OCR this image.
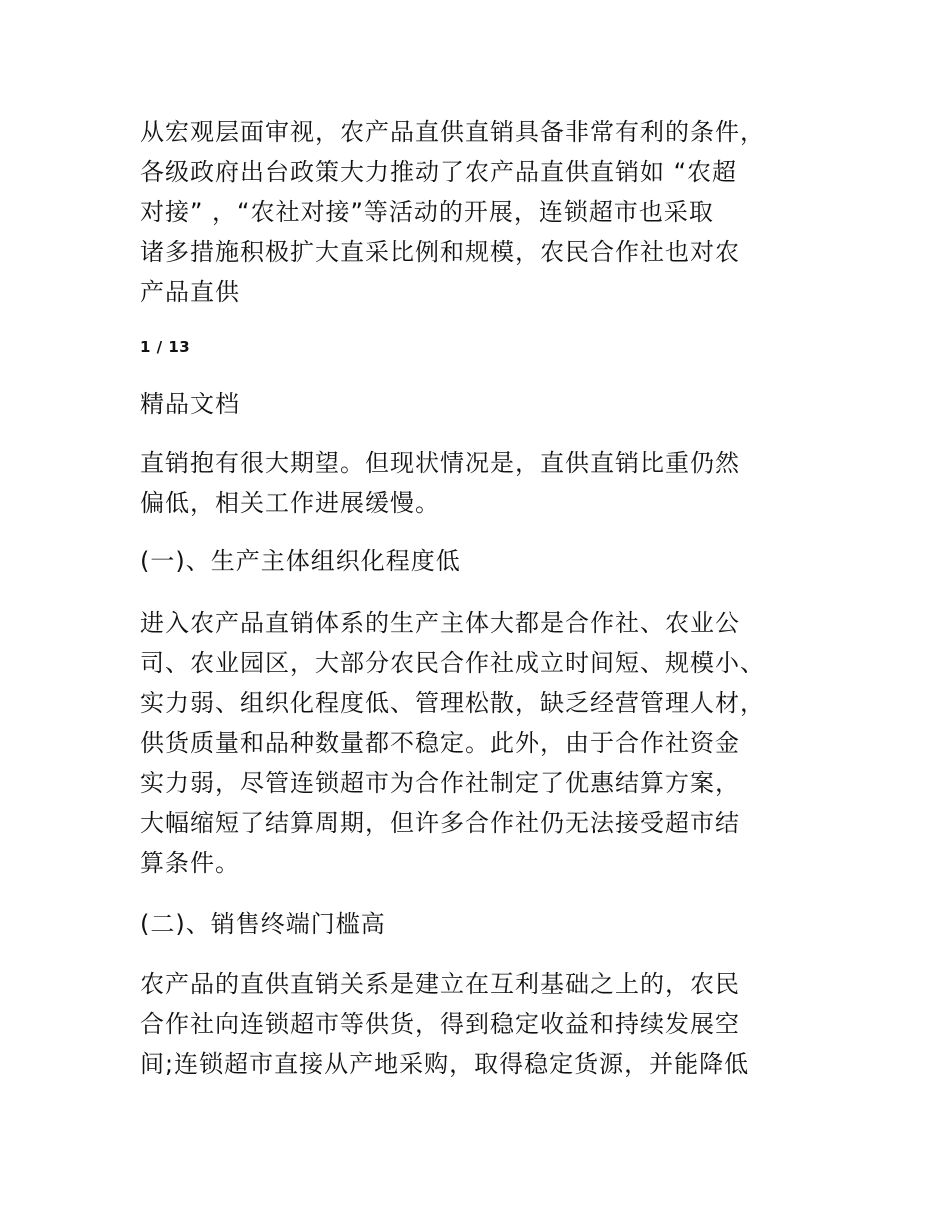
从宏观层面审视，农产品直供直销具备非常有利的条件，
各级政府出台政策大力推动了农产品直供直销如 “农超
对接” ，“农社对接”等活动的开展，连锁超市也采取
诸多措施积极扩大直采比例和规模，农民合作社也对农
产品直供
1 / 13
精品文档
直销抱有很大期望。但现状情况是，直供直销比重仍然
偏低，相关工作进展缓慢。
(一)、生产主体组织化程度低
进入农产品直销体系的生产主体大都是合作社、农业公
司、农业园区，大部分农民合作社成立时间短、规模小、
实力弱、组织化程度低、管理松散，缺乏经营管理人材，
供货质量和品种数量都不稳定。此外，由于合作社资金
实力弱，尽管连锁超市为合作社制定了优惠结算方案，
大幅缩短了结算周期，但许多合作社仍无法接受超市结
算条件。
(二)、销售终端门槛高
农产品的直供直销关系是建立在互利基础之上的，农民
合作社向连锁超市等供货，得到稳定收益和持续发展空
间;连锁超市直接从产地采购，取得稳定货源，并能降低
